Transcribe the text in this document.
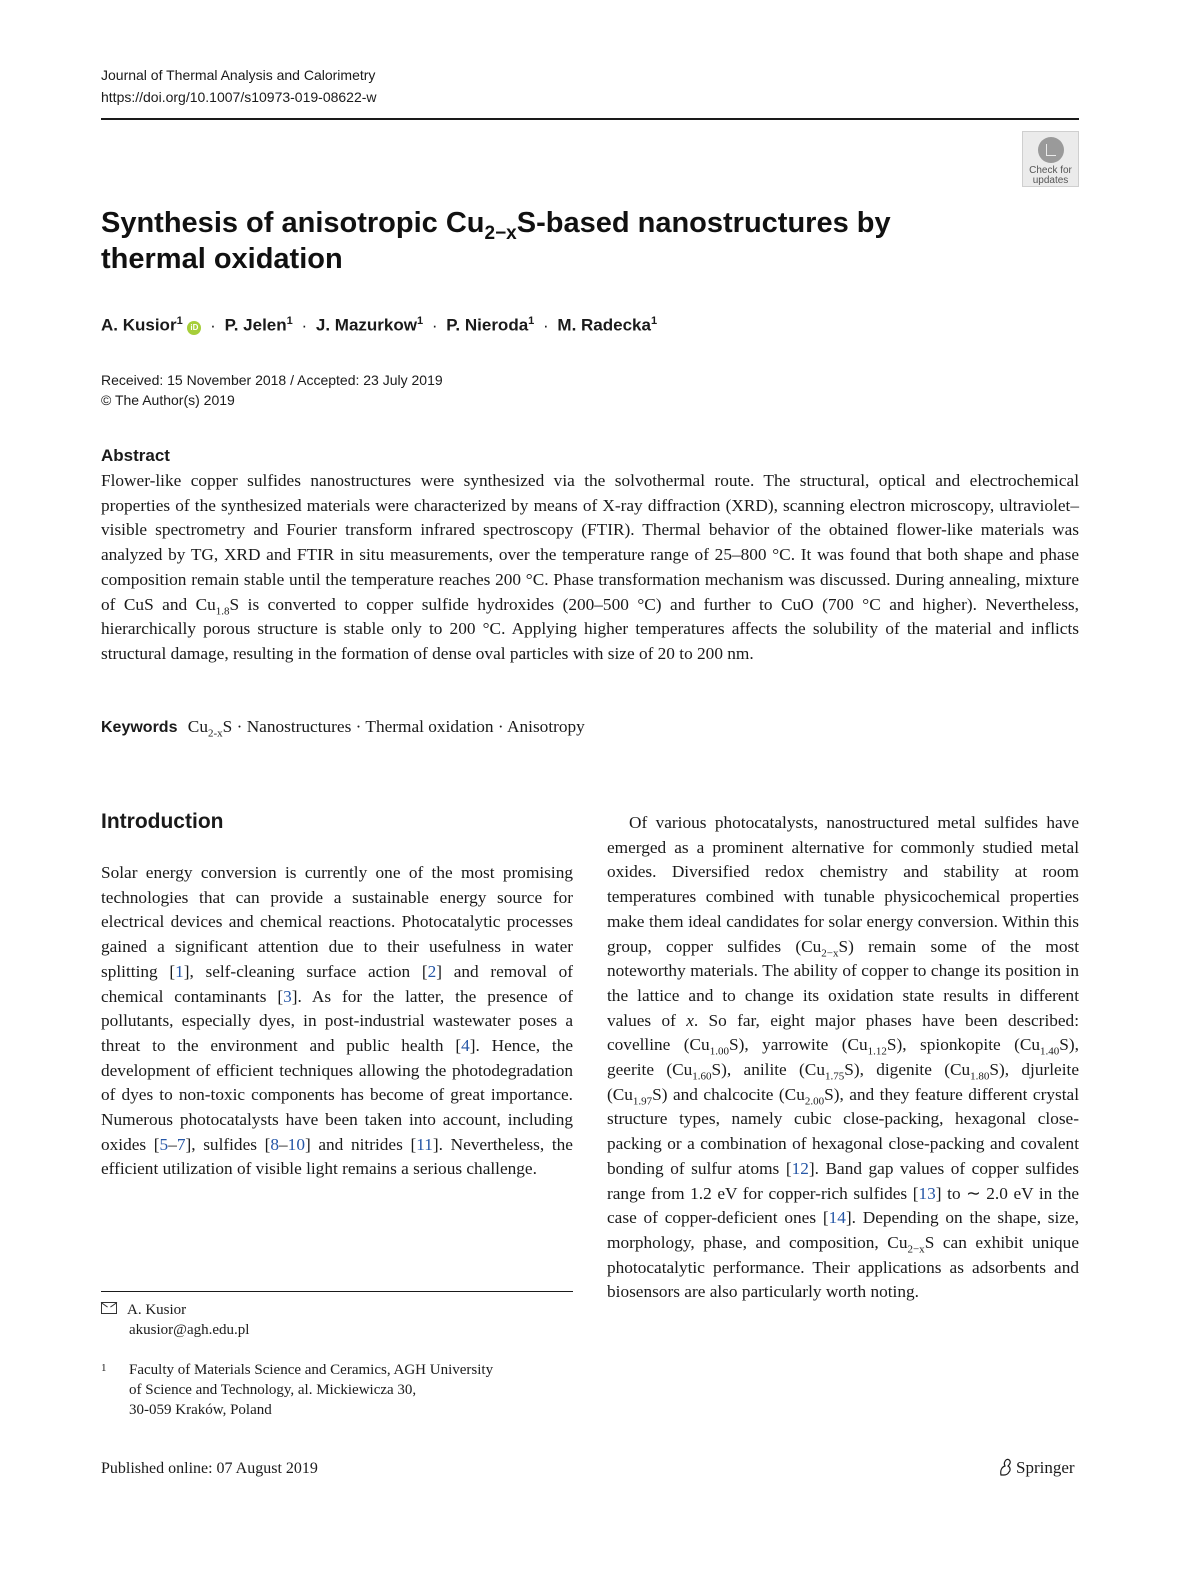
Journal of Thermal Analysis and Calorimetry
https://doi.org/10.1007/s10973-019-08622-w
Check for
updates
Synthesis of anisotropic $Cu_{2-x}S$-based nanostructures by thermal oxidation
A. Kusior$^1$ iD · P. Jelen$^1$ · J. Mazurkow$^1$ · P. Nieroda$^1$ · M. Radecka$^1$
Received: 15 November 2018 / Accepted: 23 July 2019
© The Author(s) 2019
Abstract
Flower-like copper sulfides nanostructures were synthesized via the solvothermal route. The structural, optical and electrochemical properties of the synthesized materials were characterized by means of X-ray diffraction (XRD), scanning electron microscopy, ultraviolet–visible spectrometry and Fourier transform infrared spectroscopy (FTIR). Thermal behavior of the obtained flower-like materials was analyzed by TG, XRD and FTIR in situ measurements, over the temperature range of 25–800 °C. It was found that both shape and phase composition remain stable until the temperature reaches 200 °C. Phase transformation mechanism was discussed. During annealing, mixture of CuS and $Cu_{1.8}S$ is converted to copper sulfide hydroxides (200–500 °C) and further to CuO (700 °C and higher). Nevertheless, hierarchically porous structure is stable only to 200 °C. Applying higher temperatures affects the solubility of the material and inflicts structural damage, resulting in the formation of dense oval particles with size of 20 to 200 nm.
Keywords $Cu_{2-x}S$ · Nanostructures · Thermal oxidation · Anisotropy
Introduction
Solar energy conversion is currently one of the most promising technologies that can provide a sustainable energy source for electrical devices and chemical reactions. Photocatalytic processes gained a significant attention due to their usefulness in water splitting [1], self-cleaning surface action [2] and removal of chemical contaminants [3]. As for the latter, the presence of pollutants, especially dyes, in post-industrial wastewater poses a threat to the environment and public health [4]. Hence, the development of efficient techniques allowing the photodegradation of dyes to non-toxic components has become of great importance. Numerous photocatalysts have been taken into account, including oxides [5–7], sulfides [8–10] and nitrides [11]. Nevertheless, the efficient utilization of visible light remains a serious challenge.
Of various photocatalysts, nanostructured metal sulfides have emerged as a prominent alternative for commonly studied metal oxides. Diversified redox chemistry and stability at room temperatures combined with tunable physicochemical properties make them ideal candidates for solar energy conversion. Within this group, copper sulfides $(Cu_{2-x}S)$ remain some of the most noteworthy materials. The ability of copper to change its position in the lattice and to change its oxidation state results in different values of x. So far, eight major phases have been described: covelline $(Cu_{1.00}S)$, yarrowite $(Cu_{1.12}S)$, spionkopite $(Cu_{1.40}S)$, geerite $(Cu_{1.60}S)$, anilite $(Cu_{1.75}S)$, digenite $(Cu_{1.80}S)$, djurleite $(Cu_{1.97}S)$ and chalcocite $(Cu_{2.00}S)$, and they feature different crystal structure types, namely cubic close-packing, hexagonal close-packing or a combination of hexagonal close-packing and covalent bonding of sulfur atoms [12]. Band gap values of copper sulfides range from 1.2 eV for copper-rich sulfides [13] to ∼ 2.0 eV in the case of copper-deficient ones [14]. Depending on the shape, size, morphology, phase, and composition, $Cu_{2-x}S$ can exhibit unique photocatalytic performance. Their applications as adsorbents and biosensors are also particularly worth noting.
A. Kusior
akusior@agh.edu.pl
1 Faculty of Materials Science and Ceramics, AGH University
of Science and Technology, al. Mickiewicza 30,
30-059 Kraków, Poland
Published online: 07 August 2019	Springer
